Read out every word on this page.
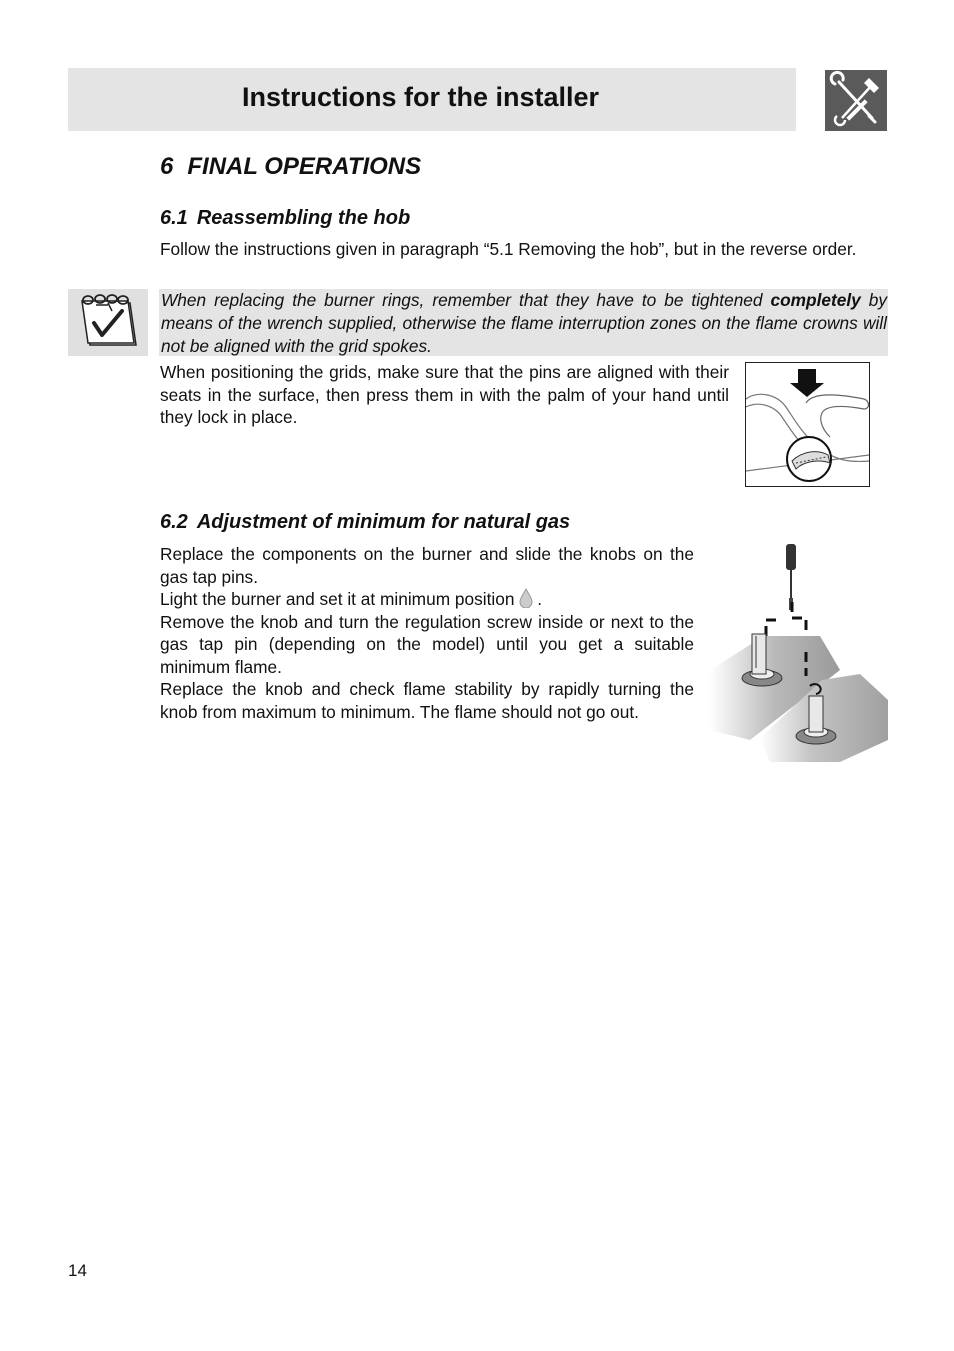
Instructions for the installer
6 FINAL OPERATIONS
6.1 Reassembling the hob

Follow the instructions given in paragraph “5.1 Removing the hob”, but in the reverse order.

When replacing the burner rings, remember that they have to be tightened completely by means of the wrench supplied, otherwise the flame interruption zones on the flame crowns will not be aligned with the grid spokes.

When positioning the grids, make sure that the pins are aligned with their seats in the surface, then press them in with the palm of your hand until they lock in place.

6.2 Adjustment of minimum for natural gas
Replace the components on the burner and slide the knobs on the gas tap pins.
Light the burner and set it at minimum position .
Remove the knob and turn the regulation screw inside or next to the gas tap pin (depending on the model) until you get a suitable minimum flame.
Replace the knob and check flame stability by rapidly turning the knob from maximum to minimum. The flame should not go out.
14
